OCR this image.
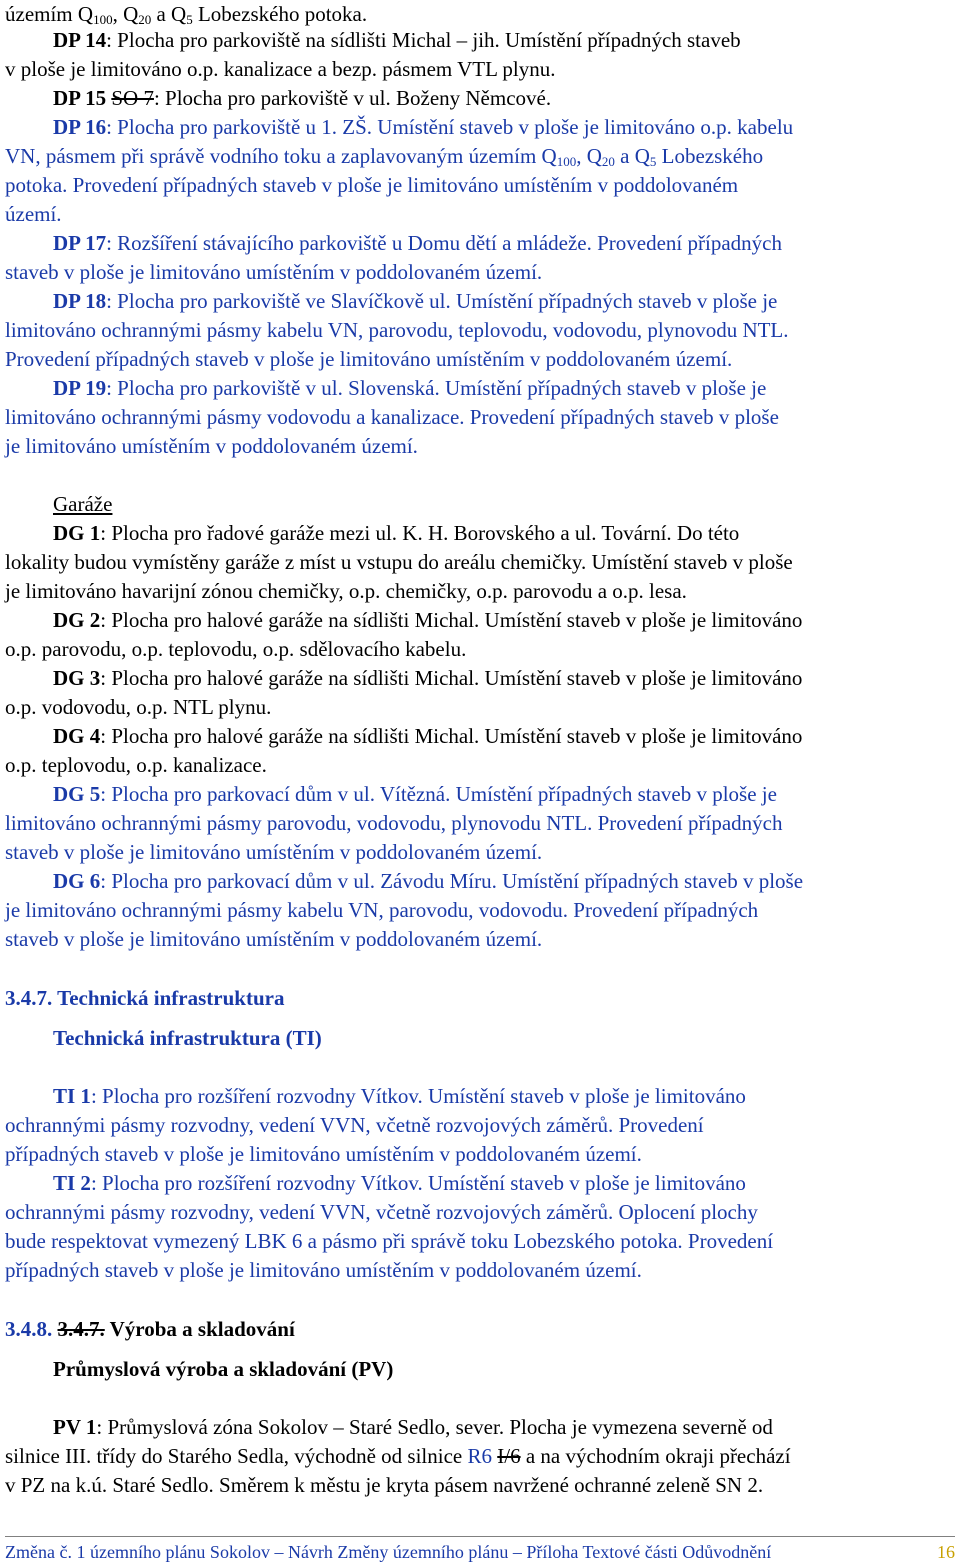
územím $Q_{100}$, $Q_{20}$ a $Q_5$ Lobezského potoka.
DP 14: Plocha pro parkoviště na sídlišti Michal – jih. Umístění případných staveb
v ploše je limitováno o.p. kanalizace a bezp. pásmem VTL plynu.
DP 15 SO 7: Plocha pro parkoviště v ul. Boženy Němcové.
DP 16: Plocha pro parkoviště u 1. ZŠ. Umístění staveb v ploše je limitováno o.p. kabelu
VN, pásmem při správě vodního toku a zaplavovaným územím $Q_{100}$, $Q_{20}$ a $Q_5$ Lobezského
potoka. Provedení případných staveb v ploše je limitováno umístěním v poddolovaném
území.
DP 17: Rozšíření stávajícího parkoviště u Domu dětí a mládeže. Provedení případných
staveb v ploše je limitováno umístěním v poddolovaném území.
DP 18: Plocha pro parkoviště ve Slavíčkově ul. Umístění případných staveb v ploše je
limitováno ochrannými pásmy kabelu VN, parovodu, teplovodu, vodovodu, plynovodu NTL.
Provedení případných staveb v ploše je limitováno umístěním v poddolovaném území.
DP 19: Plocha pro parkoviště v ul. Slovenská. Umístění případných staveb v ploše je
limitováno ochrannými pásmy vodovodu a kanalizace. Provedení případných staveb v ploše
je limitováno umístěním v poddolovaném území.
Garáže
DG 1: Plocha pro řadové garáže mezi ul. K. H. Borovského a ul. Tovární. Do této
lokality budou vymístěny garáže z míst u vstupu do areálu chemičky. Umístění staveb v ploše
je limitováno havarijní zónou chemičky, o.p. chemičky, o.p. parovodu a o.p. lesa.
DG 2: Plocha pro halové garáže na sídlišti Michal. Umístění staveb v ploše je limitováno
o.p. parovodu, o.p. teplovodu, o.p. sdělovacího kabelu.
DG 3: Plocha pro halové garáže na sídlišti Michal. Umístění staveb v ploše je limitováno
o.p. vodovodu, o.p. NTL plynu.
DG 4: Plocha pro halové garáže na sídlišti Michal. Umístění staveb v ploše je limitováno
o.p. teplovodu, o.p. kanalizace.
DG 5: Plocha pro parkovací dům v ul. Vítězná. Umístění případných staveb v ploše je
limitováno ochrannými pásmy parovodu, vodovodu, plynovodu NTL. Provedení případných
staveb v ploše je limitováno umístěním v poddolovaném území.
DG 6: Plocha pro parkovací dům v ul. Závodu Míru. Umístění případných staveb v ploše
je limitováno ochrannými pásmy kabelu VN, parovodu, vodovodu. Provedení případných
staveb v ploše je limitováno umístěním v poddolovaném území.
3.4.7. Technická infrastruktura
Technická infrastruktura (TI)
TI 1: Plocha pro rozšíření rozvodny Vítkov. Umístění staveb v ploše je limitováno
ochrannými pásmy rozvodny, vedení VVN, včetně rozvojových záměrů. Provedení
případných staveb v ploše je limitováno umístěním v poddolovaném území.
TI 2: Plocha pro rozšíření rozvodny Vítkov. Umístění staveb v ploše je limitováno
ochrannými pásmy rozvodny, vedení VVN, včetně rozvojových záměrů. Oplocení plochy
bude respektovat vymezený LBK 6 a pásmo při správě toku Lobezského potoka. Provedení
případných staveb v ploše je limitováno umístěním v poddolovaném území.
3.4.8. 3.4.7. Výroba a skladování
Průmyslová výroba a skladování (PV)
PV 1: Průmyslová zóna Sokolov – Staré Sedlo, sever. Plocha je vymezena severně od
silnice III. třídy do Starého Sedla, východně od silnice R6 I/6 a na východním okraji přechází
v PZ na k.ú. Staré Sedlo. Směrem k městu je kryta pásem navržené ochranné zeleně SN 2.
Změna č. 1 územního plánu Sokolov – Návrh Změny územního plánu – Příloha Textové části Odůvodnění	16
